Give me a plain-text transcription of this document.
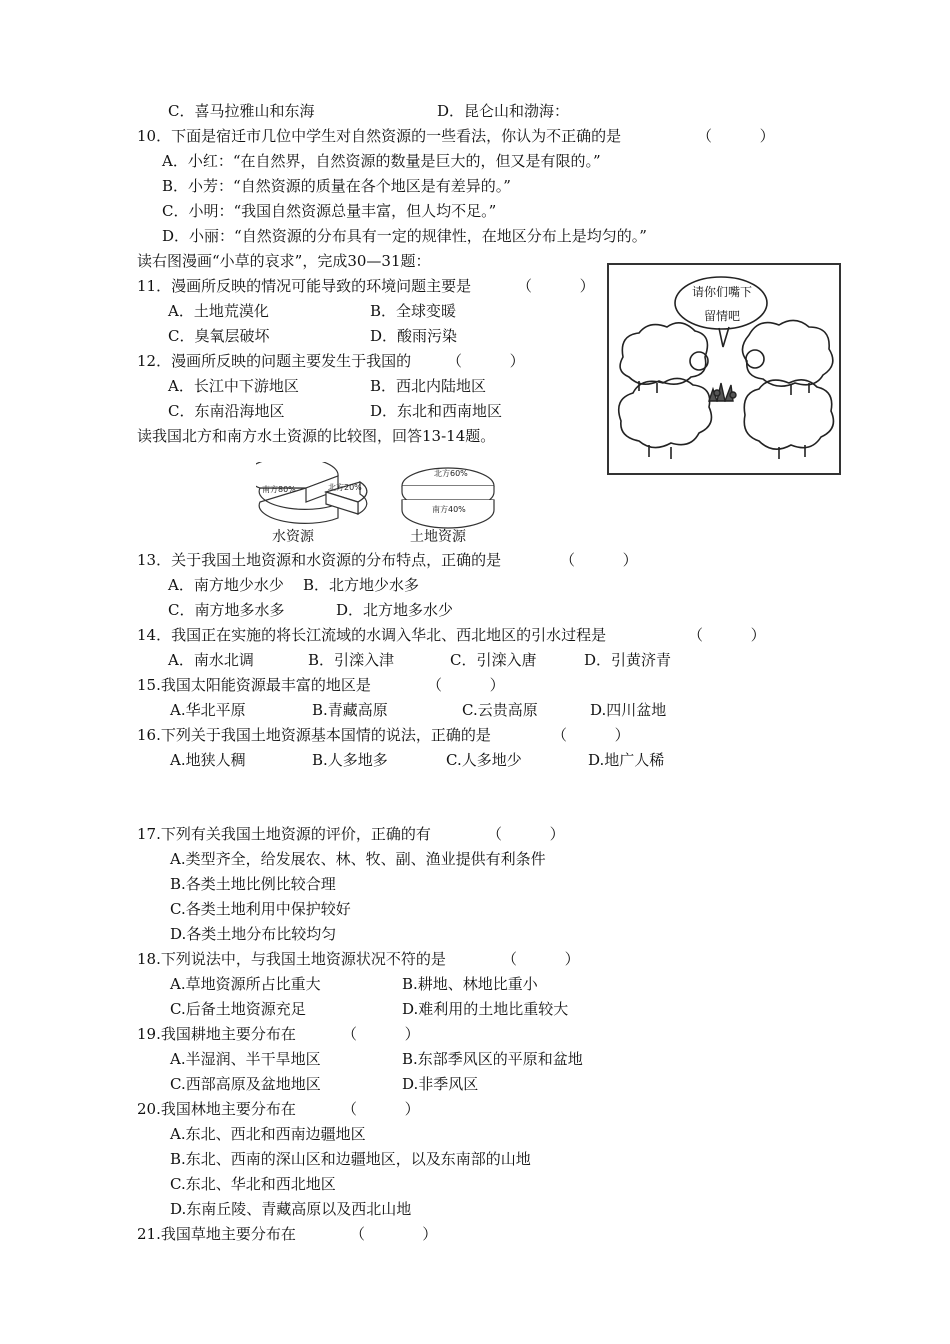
C．喜马拉雅山和东海	D．昆仑山和渤海：
10．下面是宿迁市几位中学生对自然资源的一些看法，你认为不正确的是	（          ）
A．小红：“在自然界，自然资源的数量是巨大的，但又是有限的。”
B．小芳：“自然资源的质量在各个地区是有差异的。”
C．小明：“我国自然资源总量丰富，但人均不足。”
D．小丽：“自然资源的分布具有一定的规律性，在地区分布上是均匀的。”
读右图漫画“小草的哀求”，完成30—31题：
11．漫画所反映的情况可能导致的环境问题主要是	（          ）
A．土地荒漠化	B．全球变暖
C．臭氧层破坏	D．酸雨污染
12．漫画所反映的问题主要发生于我国的 （          ）
A．长江中下游地区	B．西北内陆地区
C．东南沿海地区	D．东北和西南地区
请你们嘴下
留情吧
读我国北方和南方水土资源的比较图，回答13-14题。
南方80%	北方20%
水资源
北方60%
南方40%
土地资源
13．关于我国土地资源和水资源的分布特点，正确的是	（          ）
A．南方地少水少 B．北方地少水多
C．南方地多水多	D．北方地多水少
14．我国正在实施的将长江流域的水调入华北、西北地区的引水过程是	（          ）
A．南水北调	B．引滦入津	C．引滦入唐	D．引黄济青
15.我国太阳能资源最丰富的地区是	（          ）
A.华北平原	B.青藏高原	C.云贵高原	D.四川盆地
16.下列关于我国土地资源基本国情的说法，正确的是	（          ）
A.地狭人稠	B.人多地多	C.人多地少	D.地广人稀
17.下列有关我国土地资源的评价，正确的有	（          ）
A.类型齐全，给发展农、林、牧、副、渔业提供有利条件
B.各类土地比例比较合理
C.各类土地利用中保护较好
D.各类土地分布比较均匀
18.下列说法中，与我国土地资源状况不符的是	（          ）
A.草地资源所占比重大	B.耕地、林地比重小
C.后备土地资源充足	D.难利用的土地比重较大
19.我国耕地主要分布在	（          ）
A.半湿润、半干旱地区	B.东部季风区的平原和盆地
C.西部高原及盆地地区	D.非季风区
20.我国林地主要分布在	（          ）
A.东北、西北和西南边疆地区
B.东北、西南的深山区和边疆地区，以及东南部的山地
C.东北、华北和西北地区
D.东南丘陵、青藏高原以及西北山地
21.我国草地主要分布在	（            ）
